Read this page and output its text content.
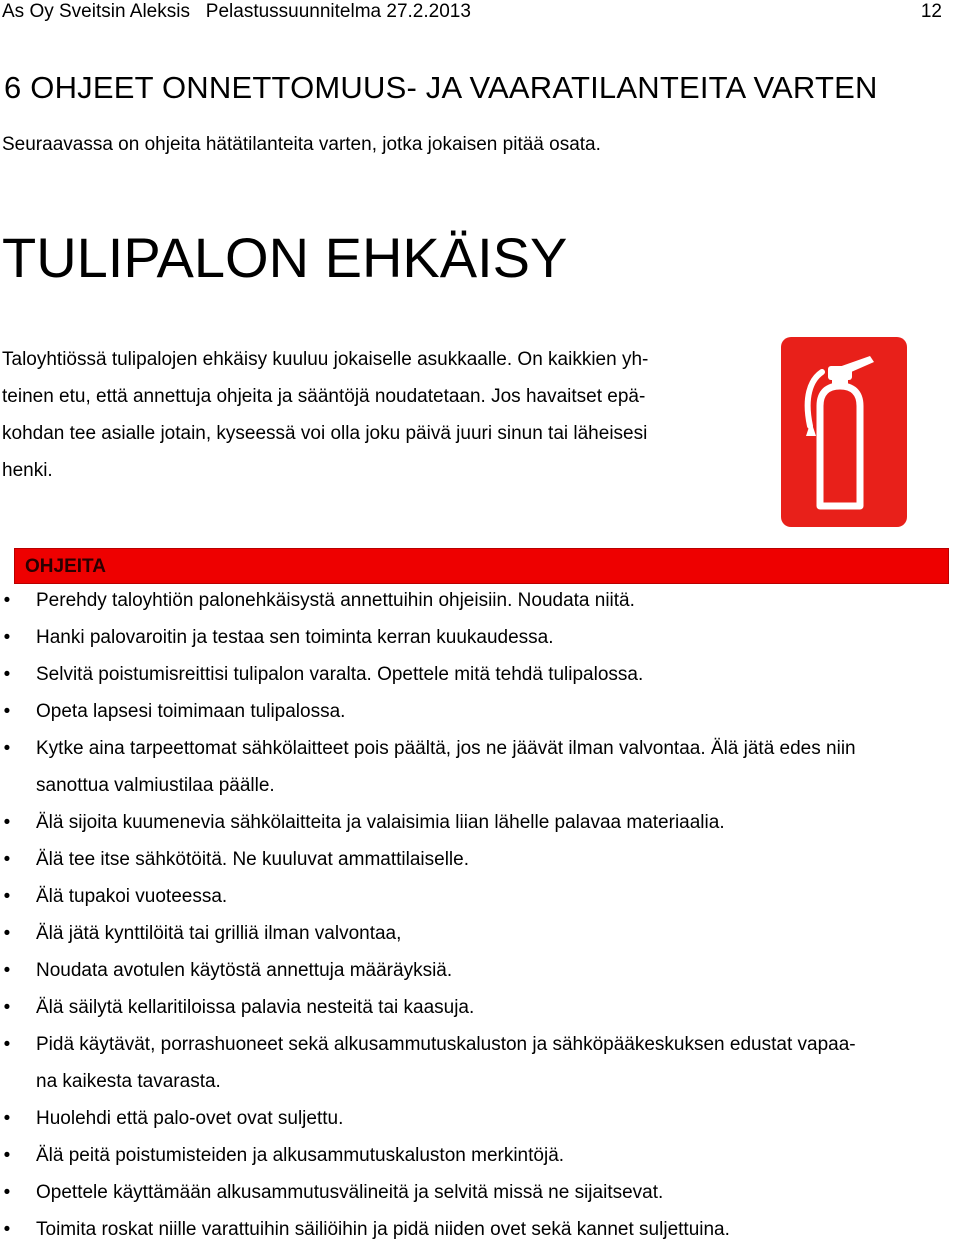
As Oy Sveitsin Aleksis   Pelastussuunnitelma 27.2.2013	12
6 OHJEET ONNETTOMUUS- JA VAARATILANTEITA VARTEN
Seuraavassa on ohjeita hätätilanteita varten, jotka jokaisen pitää osata.
TULIPALON EHKÄISY
Taloyhtiössä tulipalojen ehkäisy kuuluu jokaiselle asukkaalle. On kaikkien yh-
teinen etu, että annettuja ohjeita ja sääntöjä noudatetaan. Jos havaitset epä-
kohdan tee asialle jotain, kyseessä voi olla joku päivä juuri sinun tai läheisesi
henki.
OHJEITA
• Perehdy taloyhtiön palonehkäisystä annettuihin ohjeisiin. Noudata niitä.
• Hanki palovaroitin ja testaa sen toiminta kerran kuukaudessa.
• Selvitä poistumisreittisi tulipalon varalta. Opettele mitä tehdä tulipalossa.
• Opeta lapsesi toimimaan tulipalossa.
• Kytke aina tarpeettomat sähkölaitteet pois päältä, jos ne jäävät ilman valvontaa. Älä jätä edes niin
sanottua valmiustilaa päälle.
• Älä sijoita kuumenevia sähkölaitteita ja valaisimia liian lähelle palavaa materiaalia.
• Älä tee itse sähkötöitä. Ne kuuluvat ammattilaiselle.
• Älä tupakoi vuoteessa.
• Älä jätä kynttilöitä tai grilliä ilman valvontaa,
• Noudata avotulen käytöstä annettuja määräyksiä.
• Älä säilytä kellaritiloissa palavia nesteitä tai kaasuja.
• Pidä käytävät, porrashuoneet sekä alkusammutuskaluston ja sähköpääkeskuksen edustat vapaa-
na kaikesta tavarasta.
• Huolehdi että palo-ovet ovat suljettu.
• Älä peitä poistumisteiden ja alkusammutuskaluston merkintöjä.
• Opettele käyttämään alkusammutusvälineitä ja selvitä missä ne sijaitsevat.
• Toimita roskat niille varattuihin säiliöihin ja pidä niiden ovet sekä kannet suljettuina.
